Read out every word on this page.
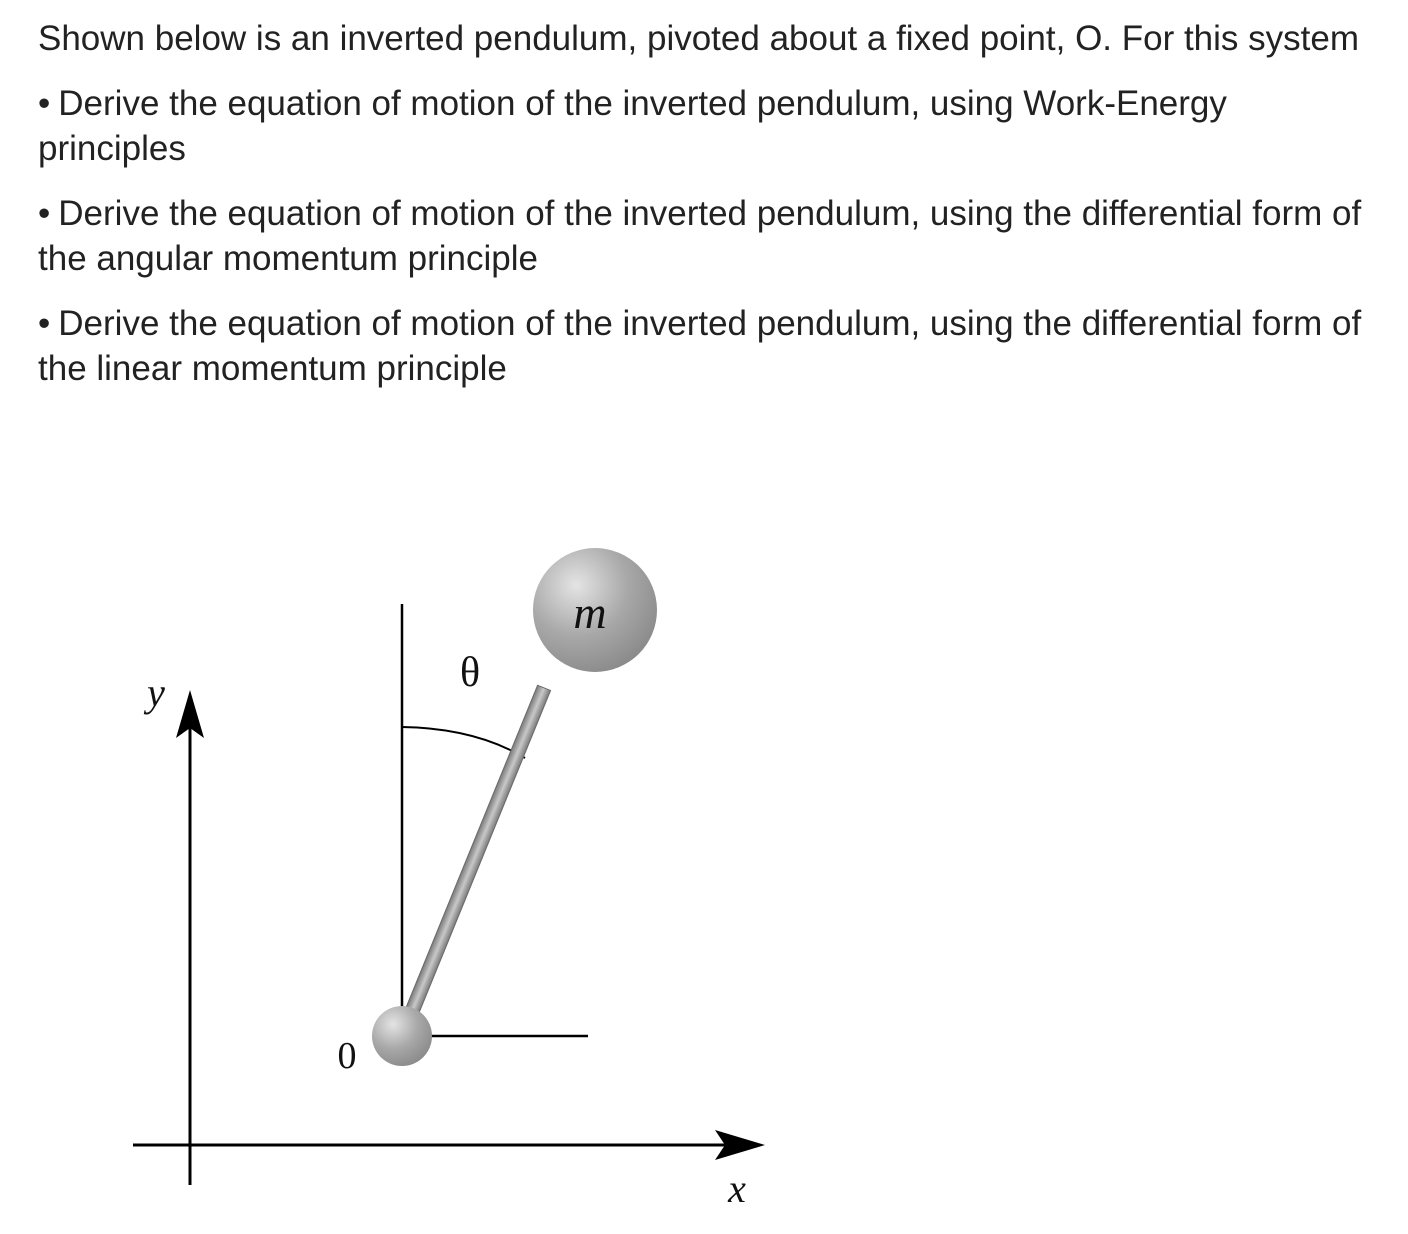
Shown below is an inverted pendulum, pivoted about a fixed point, O. For this system

• Derive the equation of motion of the inverted pendulum, using Work-Energy principles

• Derive the equation of motion of the inverted pendulum, using the differential form of the angular momentum principle

• Derive the equation of motion of the inverted pendulum, using the differential form of the linear momentum principle

m
θ
0
y
x
